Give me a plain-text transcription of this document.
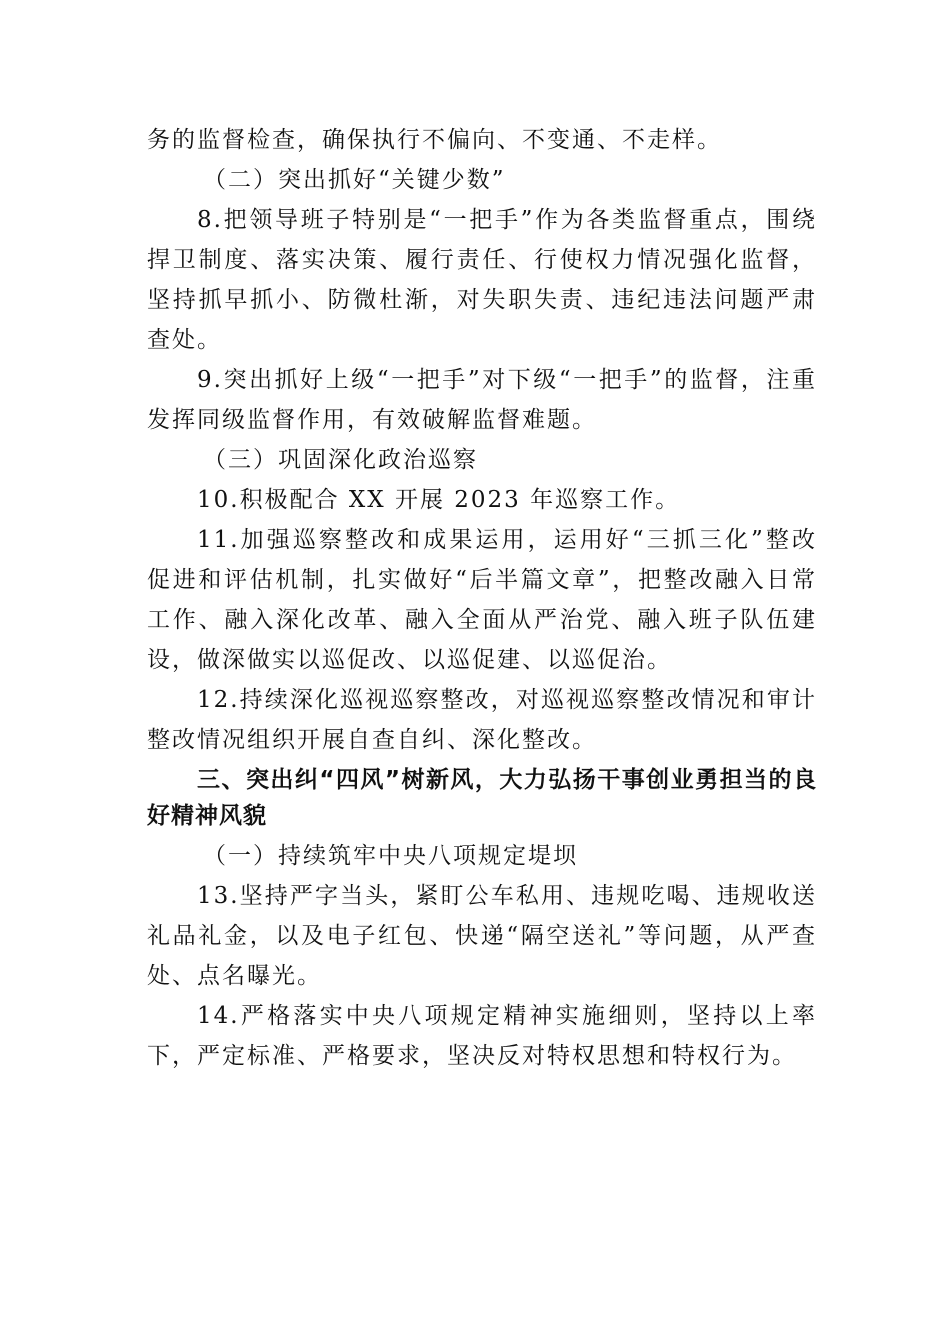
务的监督检查，确保执行不偏向、不变通、不走样。

（二）突出抓好“关键少数”

8.把领导班子特别是“一把手”作为各类监督重点，围绕捍卫制度、落实决策、履行责任、行使权力情况强化监督， 坚持抓早抓小、防微杜渐，对失职失责、违纪违法问题严肃查处。

9.突出抓好上级“一把手”对下级“一把手”的监督，注重发挥同级监督作用，有效破解监督难题。

（三）巩固深化政治巡察

10.积极配合 XX 开展 2023 年巡察工作。

11.加强巡察整改和成果运用，运用好“三抓三化”整改促进和评估机制，扎实做好“后半篇文章”，把整改融入日常工作、融入深化改革、融入全面从严治党、融入班子队伍建设，做深做实以巡促改、以巡促建、以巡促治。

12.持续深化巡视巡察整改，对巡视巡察整改情况和审计整改情况组织开展自查自纠、深化整改。

三、突出纠“四风”树新风，大力弘扬干事创业勇担当的良好精神风貌

（一）持续筑牢中央八项规定堤坝

13.坚持严字当头，紧盯公车私用、违规吃喝、违规收送礼品礼金，以及电子红包、快递“隔空送礼”等问题，从严查处、点名曝光。

14.严格落实中央八项规定精神实施细则，坚持以上率下，严定标准、严格要求，坚决反对特权思想和特权行为。
